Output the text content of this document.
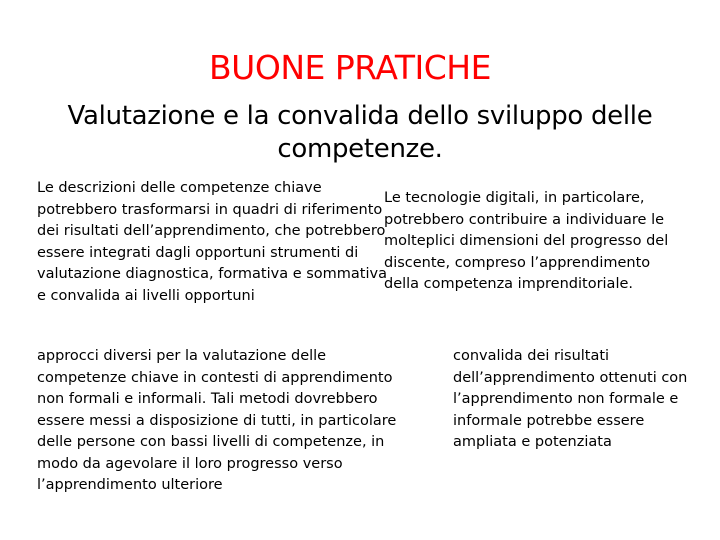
BUONE PRATICHE
Valutazione e la convalida dello sviluppo delle competenze.

Le descrizioni delle competenze chiave potrebbero trasformarsi in quadri di riferimento dei risultati dell’apprendimento, che potrebbero essere integrati dagli opportuni strumenti di valutazione diagnostica, formativa e sommativa e convalida ai livelli opportuni

Le tecnologie digitali, in particolare, potrebbero contribuire a individuare le molteplici dimensioni del progresso del discente, compreso l’apprendimento della competenza imprenditoriale.

approcci diversi per la valutazione delle competenze chiave in contesti di apprendimento non formali e informali. Tali metodi dovrebbero essere messi a disposizione di tutti, in particolare delle persone con bassi livelli di competenze, in modo da agevolare il loro progresso verso l’apprendimento ulteriore

convalida dei risultati dell’apprendimento ottenuti con l’apprendimento non formale e informale potrebbe essere ampliata e potenziata
